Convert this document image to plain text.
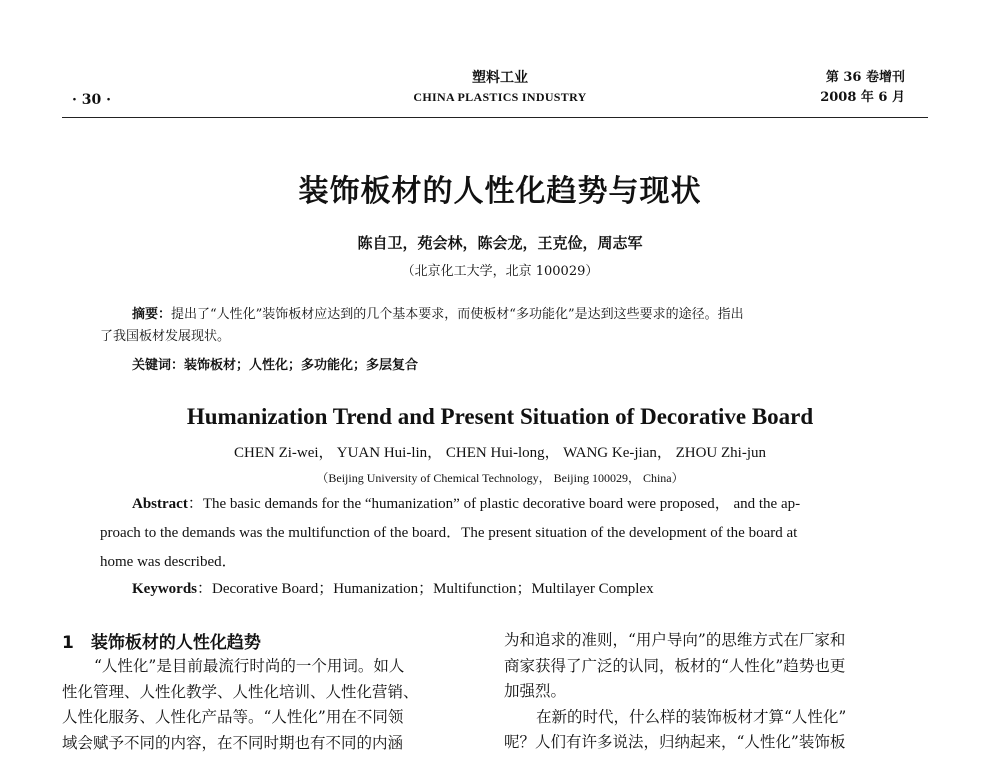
· 30 ·
塑料工业
CHINA PLASTICS INDUSTRY
第 36 卷增刊
2008 年 6 月
装饰板材的人性化趋势与现状
陈自卫，苑会林，陈会龙，王克俭，周志军
（北京化工大学，北京 100029）
摘要：提出了“人性化”装饰板材应达到的几个基本要求，而使板材“多功能化”是达到这些要求的途径。指出
了我国板材发展现状。
关键词：装饰板材；人性化；多功能化；多层复合
Humanization Trend and Present Situation of Decorative Board
CHEN Zi-wei， YUAN Hui-lin， CHEN Hui-long， WANG Ke-jian， ZHOU Zhi-jun
（Beijing University of Chemical Technology， Beijing 100029， China）
Abstract：The basic demands for the “humanization” of plastic decorative board were proposed， and the ap-
proach to the demands was the multifunction of the board．The present situation of the development of the board at
home was described．
Keywords：Decorative Board；Humanization；Multifunction；Multilayer Complex
1　装饰板材的人性化趋势
“人性化”是目前最流行时尚的一个用词。如人
性化管理、人性化教学、人性化培训、人性化营销、
人性化服务、人性化产品等。“人性化”用在不同领
域会赋予不同的内容，在不同时期也有不同的内涵
为和追求的准则，“用户导向”的思维方式在厂家和
商家获得了广泛的认同，板材的“人性化”趋势也更
加强烈。
在新的时代，什么样的装饰板材才算“人性化”
呢？人们有许多说法，归纳起来，“人性化”装饰板
